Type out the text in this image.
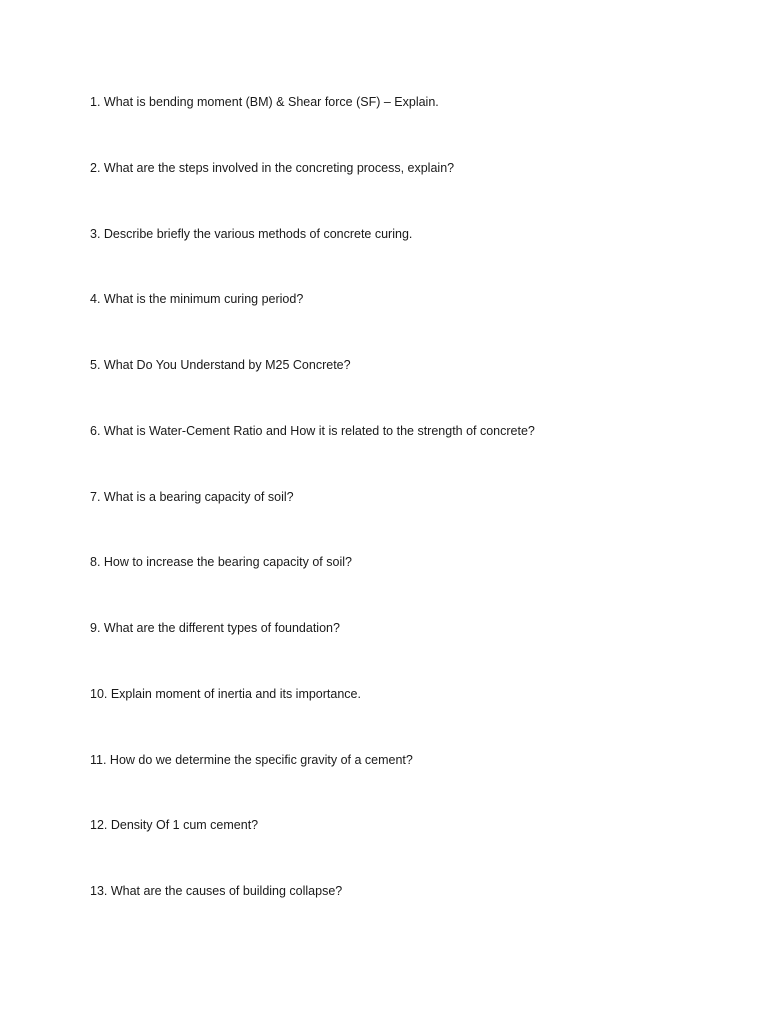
1. What is bending moment (BM) & Shear force (SF) – Explain.
2. What are the steps involved in the concreting process, explain?
3. Describe briefly the various methods of concrete curing.
4. What is the minimum curing period?
5. What Do You Understand by M25 Concrete?
6. What is Water-Cement Ratio and How it is related to the strength of concrete?
7. What is a bearing capacity of soil?
8. How to increase the bearing capacity of soil?
9. What are the different types of foundation?
10. Explain moment of inertia and its importance.
11. How do we determine the specific gravity of a cement?
12. Density Of 1 cum cement?
13. What are the causes of building collapse?
